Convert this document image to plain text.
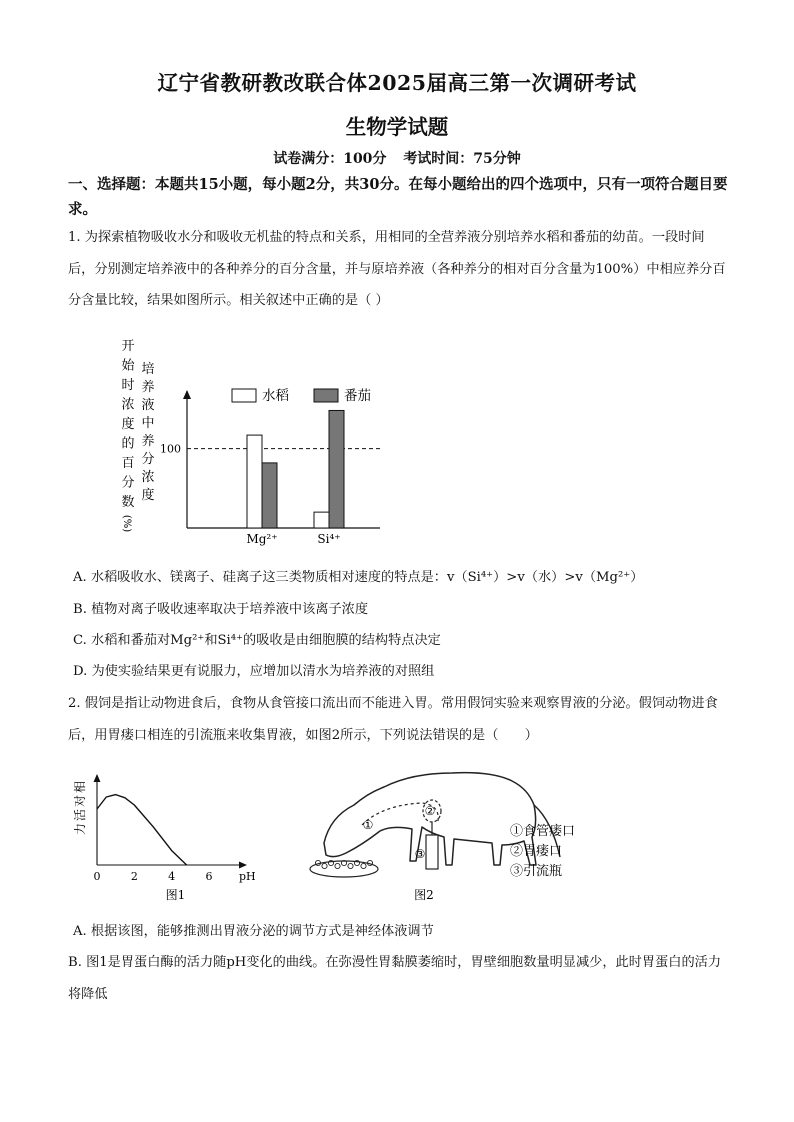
辽宁省教研教改联合体2025届高三第一次调研考试
生物学试题
试卷满分：100分 考试时间：75分钟
一、选择题：本题共15小题，每小题2分，共30分。在每小题给出的四个选项中，只有一项符合题目要求。
1. 为探索植物吸收水分和吸收无机盐的特点和关系，用相同的全营养液分别培养水稻和番茄的幼苗。一段时间后，分别测定培养液中的各种养分的百分含量，并与原培养液（各种养分的相对百分含量为100%）中相应养分百分含量比较，结果如图所示。相关叙述中正确的是（ ）
开
始
时
浓
度
的
百
分
数
(%)
培
养
液
中
养
分
浓
度
100
水稻	番茄
Mg²⁺	Si⁴⁺
A. 水稻吸收水、镁离子、硅离子这三类物质相对速度的特点是：v（Si⁴⁺）>v（水）>v（Mg²⁺）
B. 植物对离子吸收速率取决于培养液中该离子浓度
C. 水稻和番茄对Mg²⁺和Si⁴⁺的吸收是由细胞膜的结构特点决定
D. 为使实验结果更有说服力，应增加以清水为培养液的对照组
2. 假饲是指让动物进食后，食物从食管接口流出而不能进入胃。常用假饲实验来观察胃液的分泌。假饲动物进食后，用胃瘘口相连的引流瓶来收集胃液，如图2所示，下列说法错误的是（　　）
相
对
活
力
0	2	4	6 pH
图1
①
②
③
①食管瘘口
②胃瘘口
③引流瓶
图2
A. 根据该图，能够推测出胃液分泌的调节方式是神经体液调节
B. 图1是胃蛋白酶的活力随pH变化的曲线。在弥漫性胃黏膜萎缩时，胃壁细胞数量明显减少，此时胃蛋白的活力将降低
